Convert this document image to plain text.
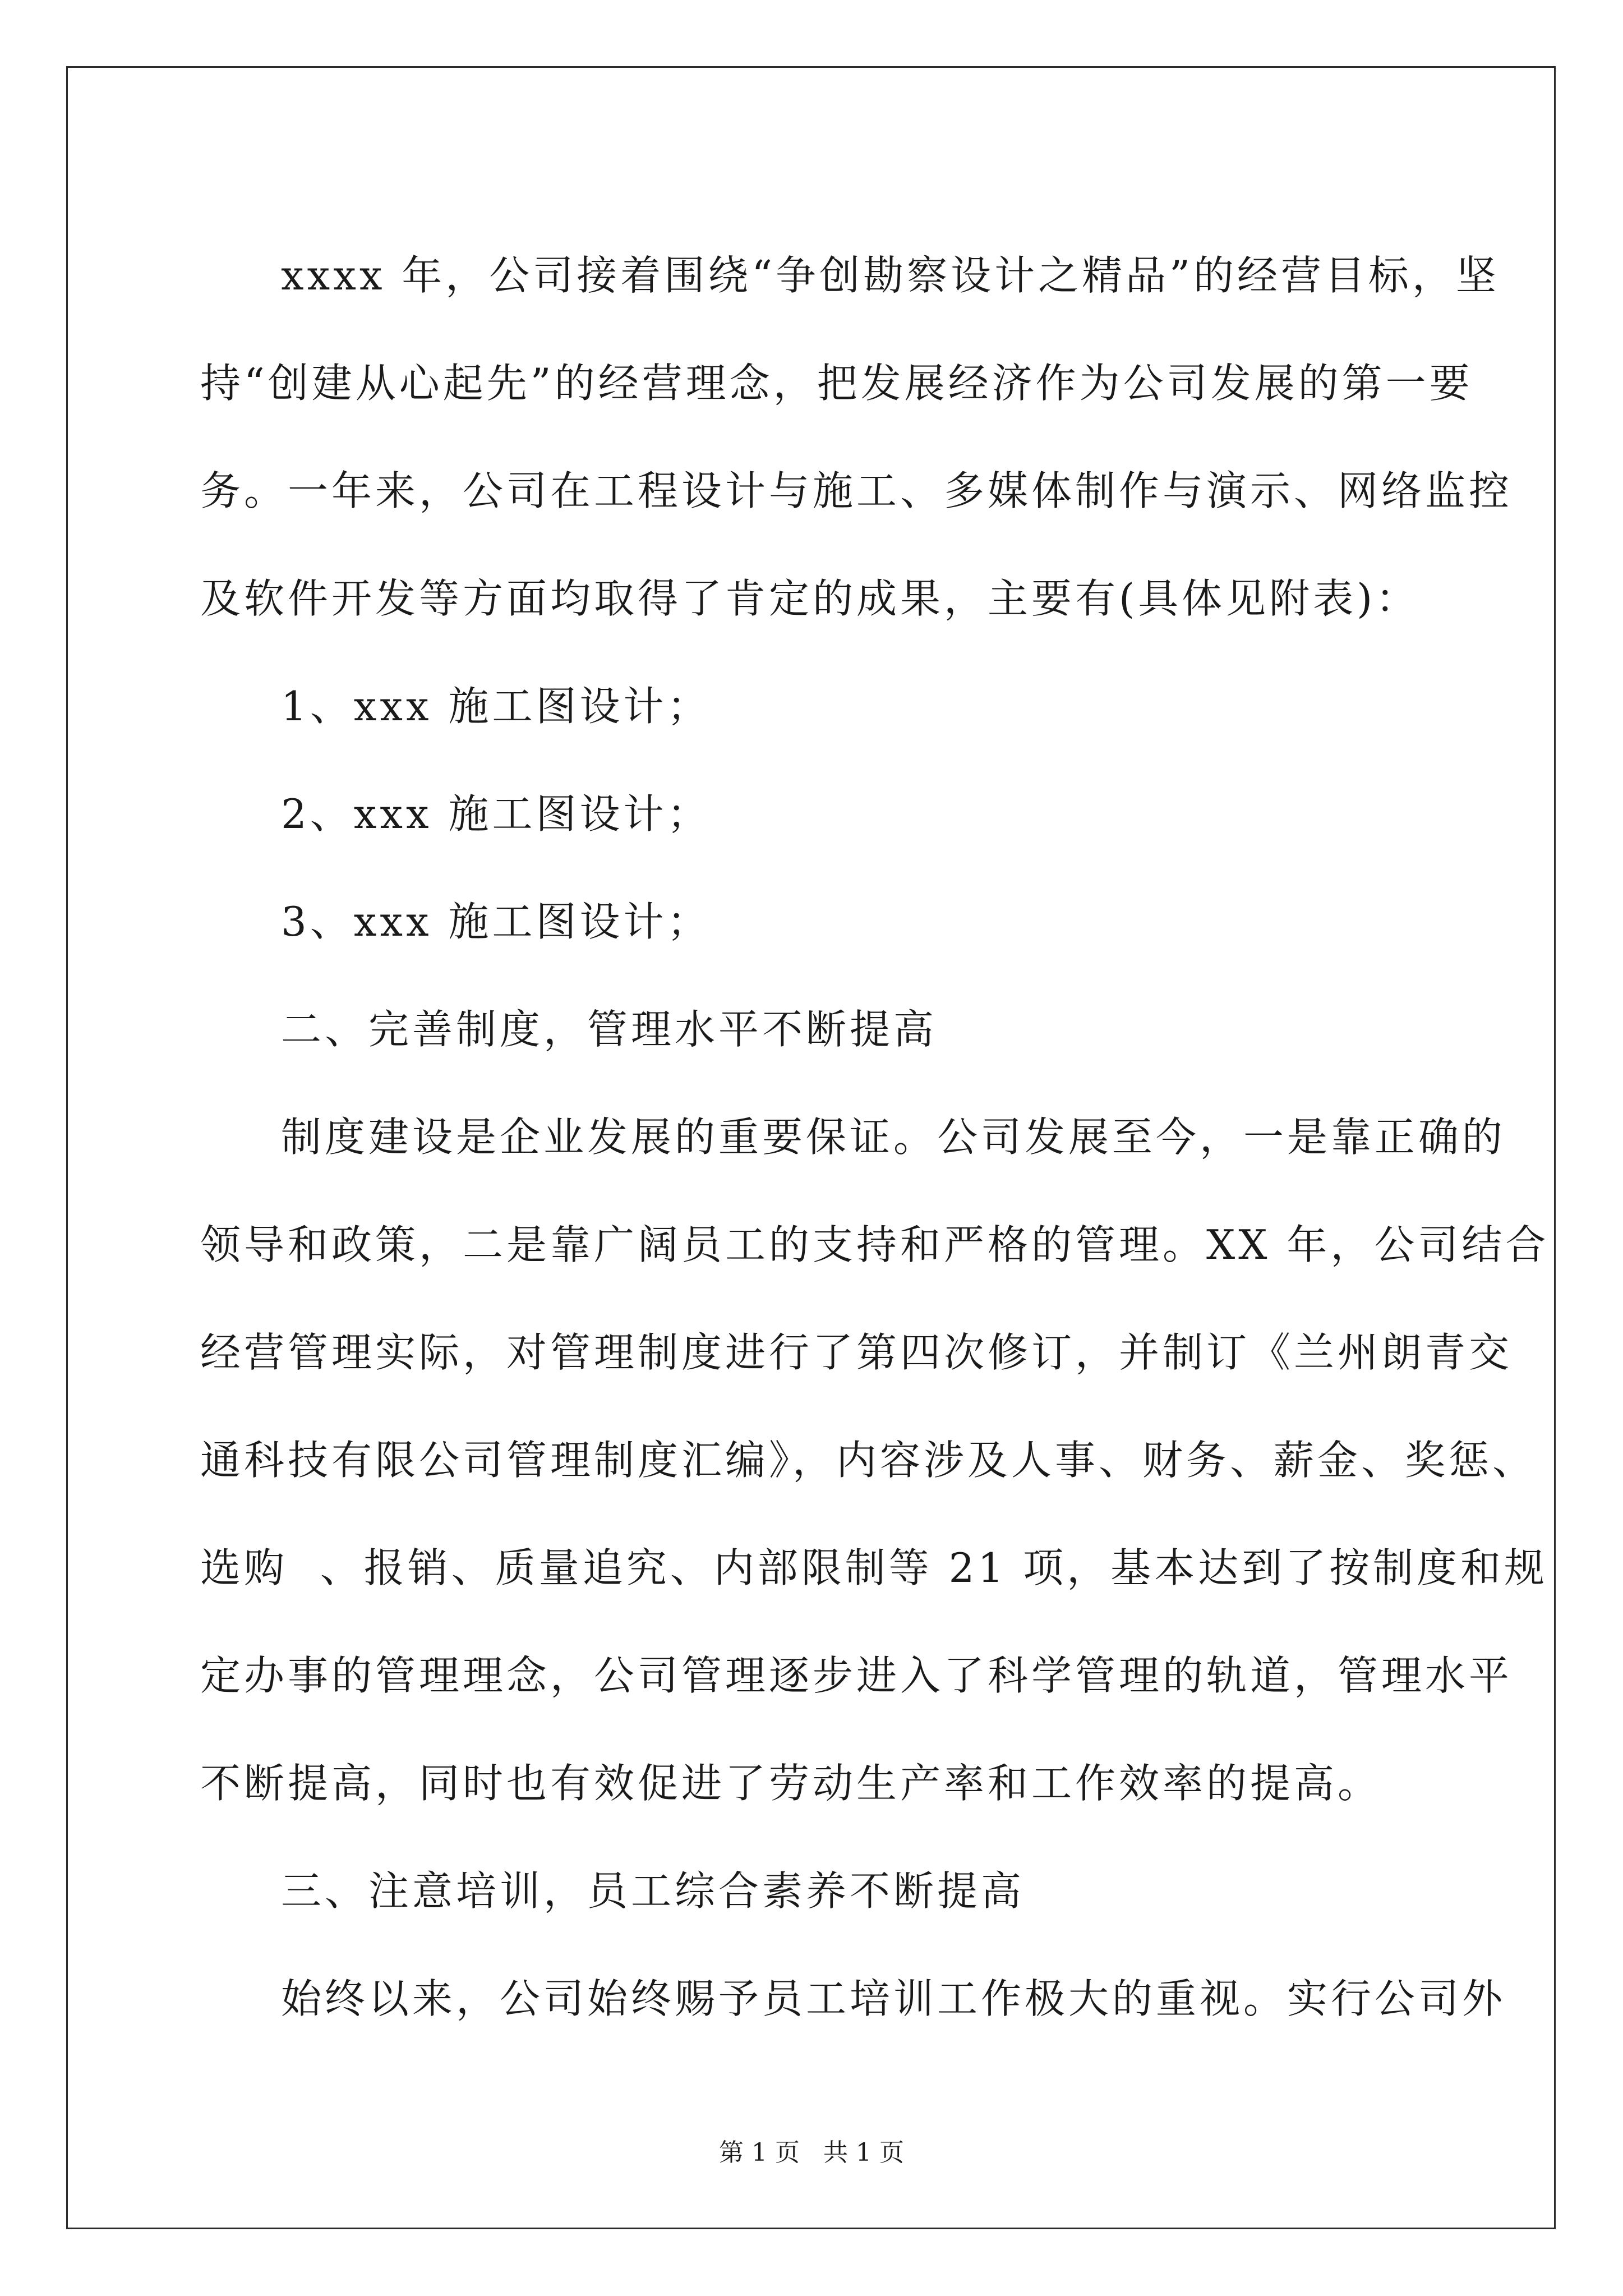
xxxx 年，公司接着围绕“争创勘察设计之精品”的经营目标，坚
持“创建从心起先”的经营理念，把发展经济作为公司发展的第一要
务。一年来，公司在工程设计与施工、多媒体制作与演示、网络监控
及软件开发等方面均取得了肯定的成果，主要有(具体见附表)：
1、xxx 施工图设计；
2、xxx 施工图设计；
3、xxx 施工图设计；
二、完善制度，管理水平不断提高
制度建设是企业发展的重要保证。公司发展至今，一是靠正确的
领导和政策，二是靠广阔员工的支持和严格的管理。XX 年，公司结合
经营管理实际，对管理制度进行了第四次修订，并制订《兰州朗青交
通科技有限公司管理制度汇编》，内容涉及人事、财务、薪金、奖惩、
选购  、报销、质量追究、内部限制等 21 项，基本达到了按制度和规
定办事的管理理念，公司管理逐步进入了科学管理的轨道，管理水平
不断提高，同时也有效促进了劳动生产率和工作效率的提高。
三、注意培训，员工综合素养不断提高
始终以来，公司始终赐予员工培训工作极大的重视。实行公司外
第 1 页   共 1 页
